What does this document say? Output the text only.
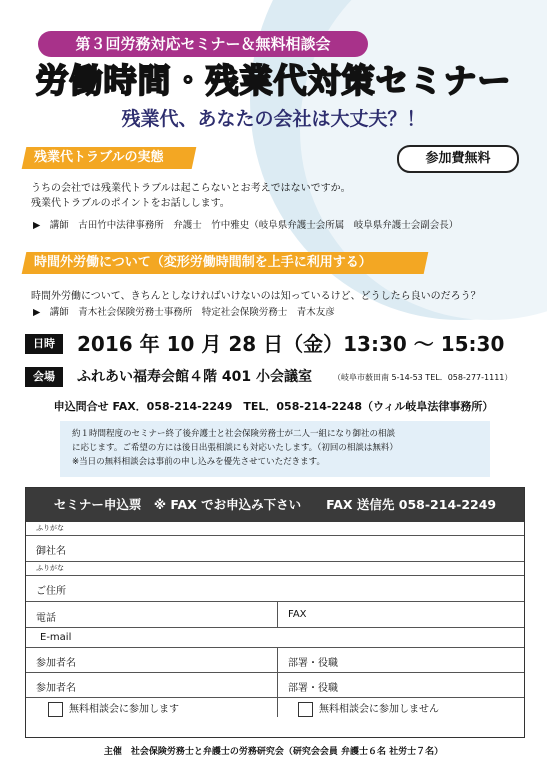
第３回労務対応セミナー＆無料相談会
労働時間・残業代対策セミナー
残業代、あなたの会社は大丈夫？！
残業代トラブルの実態	参加費無料
うちの会社では残業代トラブルは起こらないとお考えではないですか。
残業代トラブルのポイントをお話しします。
▶　講師　古田竹中法律事務所　弁護士　竹中雅史（岐阜県弁護士会所属　岐阜県弁護士会副会長）
時間外労働について（変形労働時間制を上手に利用する）
時間外労働について、きちんとしなければいけないのは知っているけど、どうしたら良いのだろう？
▶　講師　青木社会保険労務士事務所　特定社会保険労務士　青木友彦
日時	2016 年 10 月 28 日（金）13:30 〜 15:30
会場	ふれあい福寿会館４階 401 小会議室	（岐阜市薮田南 5-14-53 TEL．058-277-1111）
申込問合せ FAX．058-214-2249　TEL．058-214-2248（ウィル岐阜法律事務所）
約１時間程度のセミナー終了後弁護士と社会保険労務士が二人一組になり御社の相談
に応じます。ご希望の方には後日出張相談にも対応いたします。（初回の相談は無料）
※当日の無料相談会は事前の申し込みを優先させていただきます。
セミナー申込票　※ FAX でお申込み下さい　　FAX 送信先 058-214-2249
ふりがな
御社名
ふりがな
ご住所
電話	FAX
E-mail
参加者名	部署・役職
参加者名	部署・役職
無料相談会に参加します	無料相談会に参加しません
主催　社会保険労務士と弁護士の労務研究会（研究会会員 弁護士６名 社労士７名）
